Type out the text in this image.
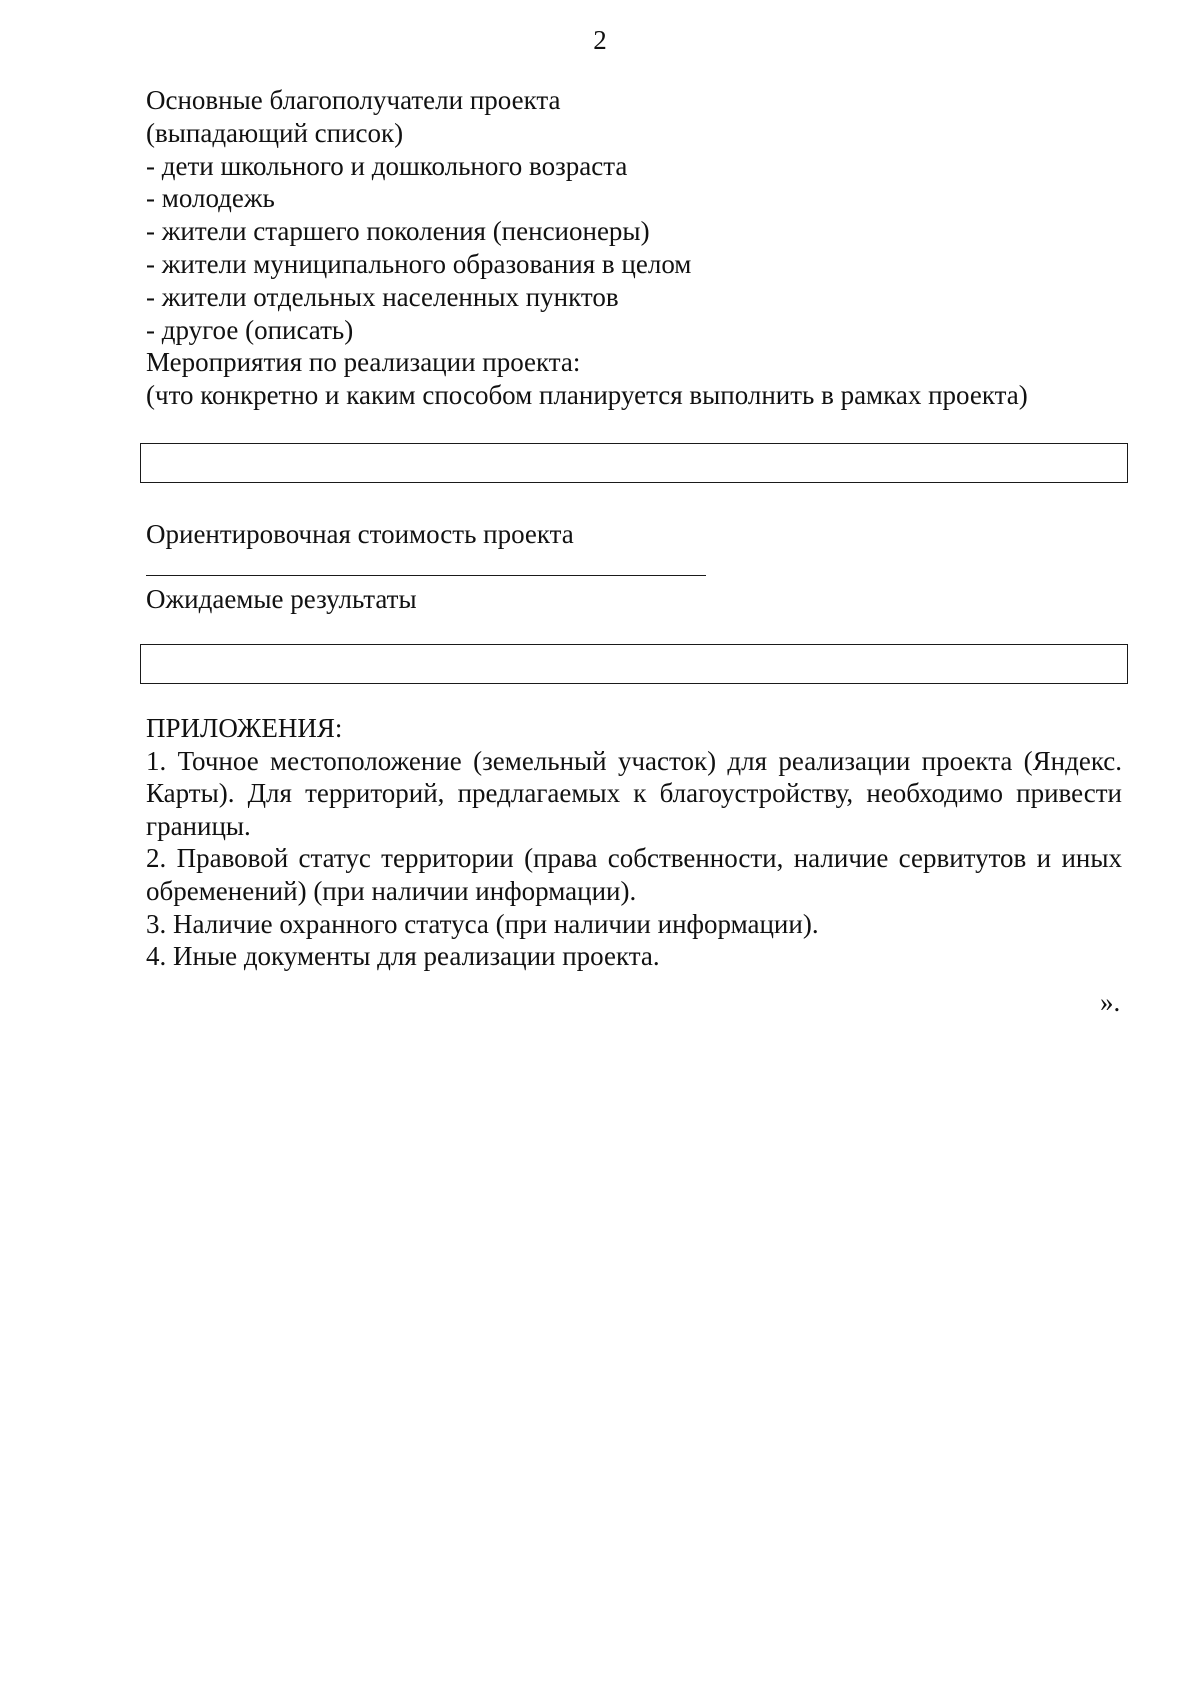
2
Основные благополучатели проекта
(выпадающий список)
- дети школьного и дошкольного возраста
- молодежь
- жители старшего поколения (пенсионеры)
- жители муниципального образования в целом
- жители отдельных населенных пунктов
- другое (описать)
Мероприятия по реализации проекта:
(что конкретно и каким способом планируется выполнить в рамках проекта)
Ориентировочная стоимость проекта
Ожидаемые результаты
ПРИЛОЖЕНИЯ:

1. Точное местоположение (земельный участок) для реализации проекта (Яндекс. Карты). Для территорий, предлагаемых к благоустройству, необходимо привести границы.

2. Правовой статус территории (права собственности, наличие сервитутов и иных обременений) (при наличии информации).

3. Наличие охранного статуса (при наличии информации).

4. Иные документы для реализации проекта.

».
